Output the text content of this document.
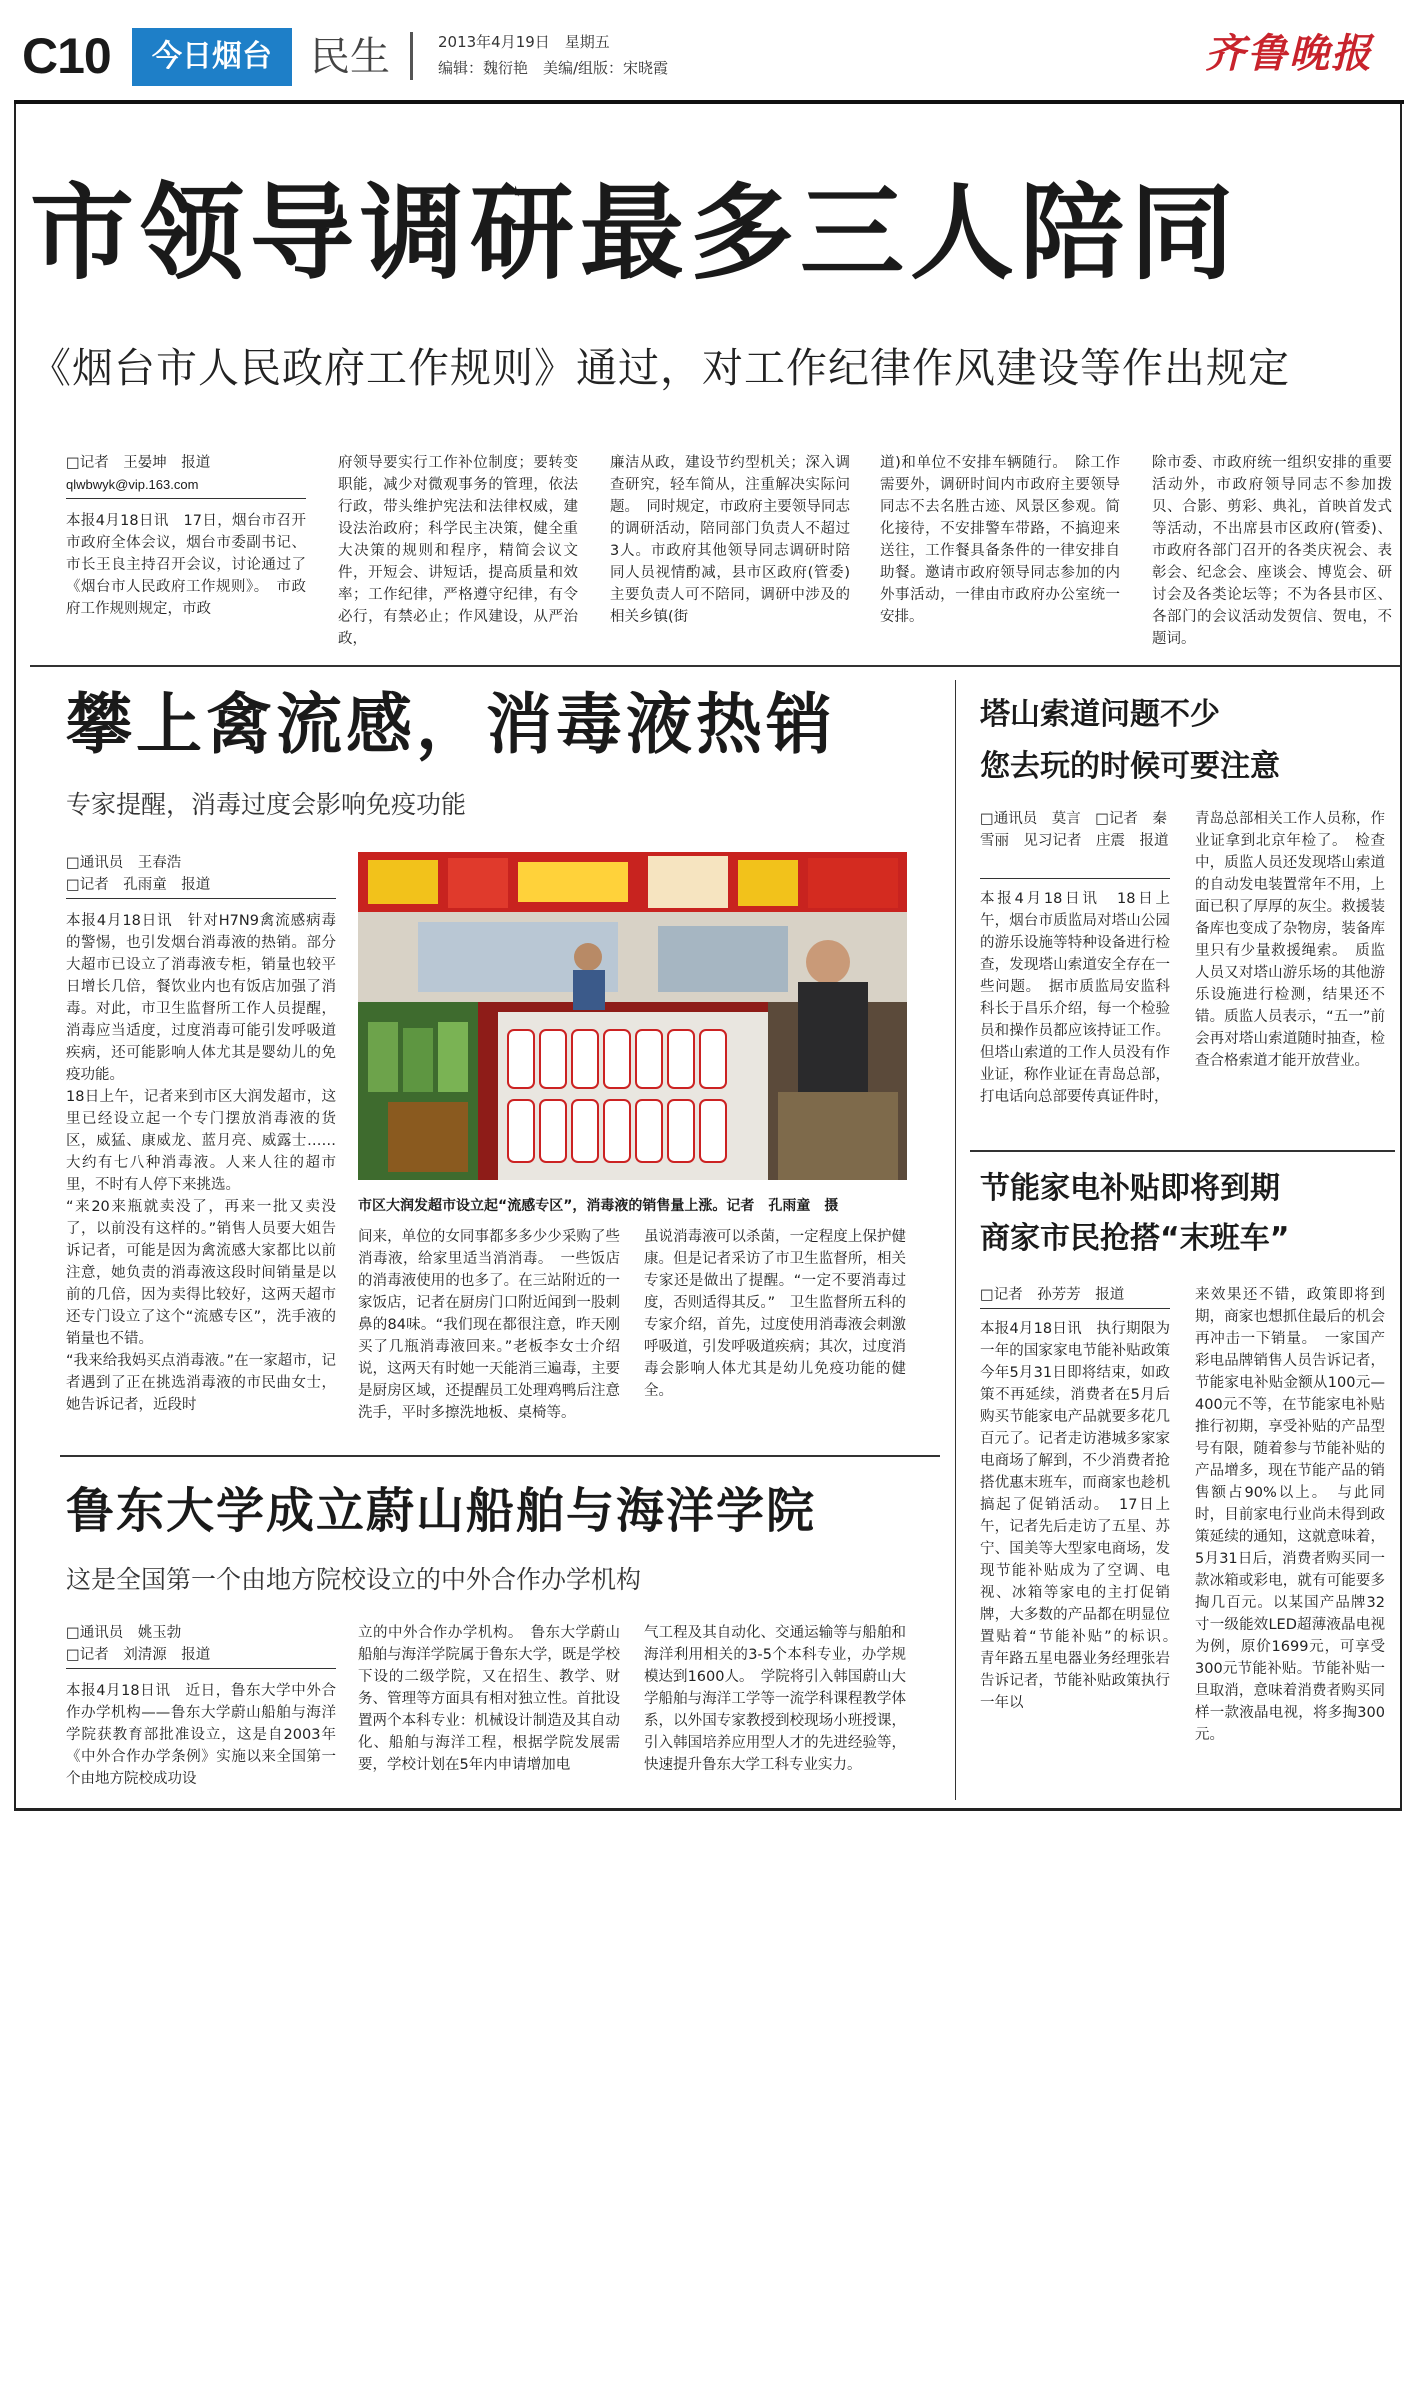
C10	今日烟台 民生	2013年4月19日　星期五
编辑：魏衍艳　美编/组版：宋晓霞	齐鲁晚报
市领导调研最多三人陪同
《烟台市人民政府工作规则》通过，对工作纪律作风建设等作出规定
□记者　王晏坤　报道
qlwbwyk@vip.163.com
本报4月18日讯　17日，烟台市召开市政府全体会议，烟台市委副书记、市长王良主持召开会议，讨论通过了《烟台市人民政府工作规则》。　市政府工作规则规定，市政
府领导要实行工作补位制度；要转变职能，减少对微观事务的管理，依法行政，带头维护宪法和法律权威，建设法治政府；科学民主决策，健全重大决策的规则和程序，精简会议文件，开短会、讲短话，提高质量和效率；工作纪律，严格遵守纪律，有令必行，有禁必止；作风建设，从严治政，
廉洁从政，建设节约型机关；深入调查研究，轻车简从，注重解决实际问题。　同时规定，市政府主要领导同志的调研活动，陪同部门负责人不超过3人。市政府其他领导同志调研时陪同人员视情酌减，县市区政府(管委)主要负责人可不陪同，调研中涉及的相关乡镇(街
道)和单位不安排车辆随行。　除工作需要外，调研时间内市政府主要领导同志不去名胜古迹、风景区参观。简化接待，不安排警车带路，不搞迎来送往，工作餐具备条件的一律安排自助餐。邀请市政府领导同志参加的内外事活动，一律由市政府办公室统一安排。
除市委、市政府统一组织安排的重要活动外，市政府领导同志不参加拨贝、合影、剪彩、典礼，首映首发式等活动，不出席县市区政府(管委)、市政府各部门召开的各类庆祝会、表彰会、纪念会、座谈会、博览会、研讨会及各类论坛等；不为各县市区、各部门的会议活动发贺信、贺电，不题词。
攀上禽流感，消毒液热销
专家提醒，消毒过度会影响免疫功能
□通讯员　王春浩
□记者　孔雨童　报道

本报4月18日讯　针对H7N9禽流感病毒的警惕，也引发烟台消毒液的热销。部分大超市已设立了消毒液专柜，销量也较平日增长几倍，餐饮业内也有饭店加强了消毒。对此，市卫生监督所工作人员提醒，消毒应当适度，过度消毒可能引发呼吸道疾病，还可能影响人体尤其是婴幼儿的免疫功能。

18日上午，记者来到市区大润发超市，这里已经设立起一个专门摆放消毒液的货区，威猛、康威龙、蓝月亮、威露士……大约有七八种消毒液。人来人往的超市里，不时有人停下来挑选。

“来20来瓶就卖没了，再来一批又卖没了，以前没有这样的。”销售人员要大姐告诉记者，可能是因为禽流感大家都比以前注意，她负责的消毒液这段时间销量是以前的几倍，因为卖得比较好，这两天超市还专门设立了这个“流感专区”，洗手液的销量也不错。

“我来给我妈买点消毒液。”在一家超市，记者遇到了正在挑选消毒液的市民曲女士，她告诉记者，近段时

市区大润发超市设立起“流感专区”，消毒液的销售量上涨。记者　孔雨童　摄
间来，单位的女同事都多多少少采购了些消毒液，给家里适当消消毒。　一些饭店的消毒液使用的也多了。在三站附近的一家饭店，记者在厨房门口附近闻到一股刺鼻的84味。“我们现在都很注意，昨天刚买了几瓶消毒液回来。”老板李女士介绍说，这两天有时她一天能消三遍毒，主要是厨房区域，还提醒员工处理鸡鸭后注意洗手，平时多擦洗地板、桌椅等。
虽说消毒液可以杀菌，一定程度上保护健康。但是记者采访了市卫生监督所，相关专家还是做出了提醒。“一定不要消毒过度，否则适得其反。”　卫生监督所五科的专家介绍，首先，过度使用消毒液会刺激呼吸道，引发呼吸道疾病；其次，过度消毒会影响人体尤其是幼儿免疫功能的健全。
鲁东大学成立蔚山船舶与海洋学院
这是全国第一个由地方院校设立的中外合作办学机构
□通讯员　姚玉勃
□记者　刘清源　报道
本报4月18日讯　近日，鲁东大学中外合作办学机构——鲁东大学蔚山船舶与海洋学院获教育部批准设立，这是自2003年《中外合作办学条例》实施以来全国第一个由地方院校成功设
立的中外合作办学机构。　鲁东大学蔚山船舶与海洋学院属于鲁东大学，既是学校下设的二级学院，又在招生、教学、财务、管理等方面具有相对独立性。首批设置两个本科专业：机械设计制造及其自动化、船舶与海洋工程，根据学院发展需要，学校计划在5年内申请增加电
气工程及其自动化、交通运输等与船舶和海洋利用相关的3-5个本科专业，办学规模达到1600人。　学院将引入韩国蔚山大学船舶与海洋工学等一流学科课程教学体系，以外国专家教授到校现场小班授课，引入韩国培养应用型人才的先进经验等，快速提升鲁东大学工科专业实力。
塔山索道问题不少
您去玩的时候可要注意
□通讯员　莫言　□记者　秦雪丽　见习记者　庄震　报道
本报4月18日讯　18日上午，烟台市质监局对塔山公园的游乐设施等特种设备进行检查，发现塔山索道安全存在一些问题。　据市质监局安监科科长于昌乐介绍，每一个检验员和操作员都应该持证工作。但塔山索道的工作人员没有作业证，称作业证在青岛总部，打电话向总部要传真证件时，
青岛总部相关工作人员称，作业证拿到北京年检了。　检查中，质监人员还发现塔山索道的自动发电装置常年不用，上面已积了厚厚的灰尘。救援装备库也变成了杂物房，装备库里只有少量救援绳索。　质监人员又对塔山游乐场的其他游乐设施进行检测，结果还不错。质监人员表示，“五一”前会再对塔山索道随时抽查，检查合格索道才能开放营业。
节能家电补贴即将到期
商家市民抢搭“末班车”
□记者　孙芳芳　报道
本报4月18日讯　执行期限为一年的国家家电节能补贴政策今年5月31日即将结束，如政策不再延续，消费者在5月后购买节能家电产品就要多花几百元了。记者走访港城多家家电商场了解到，不少消费者抢搭优惠末班车，而商家也趁机搞起了促销活动。　17日上午，记者先后走访了五星、苏宁、国美等大型家电商场，发现节能补贴成为了空调、电视、冰箱等家电的主打促销牌，大多数的产品都在明显位置贴着“节能补贴”的标识。　青年路五星电器业务经理张岩告诉记者，节能补贴政策执行一年以
来效果还不错，政策即将到期，商家也想抓住最后的机会再冲击一下销量。　一家国产彩电品牌销售人员告诉记者，节能家电补贴金额从100元—400元不等，在节能家电补贴推行初期，享受补贴的产品型号有限，随着参与节能补贴的产品增多，现在节能产品的销售额占90%以上。　与此同时，目前家电行业尚未得到政策延续的通知，这就意味着，5月31日后，消费者购买同一款冰箱或彩电，就有可能要多掏几百元。以某国产品牌32寸一级能效LED超薄液晶电视为例，原价1699元，可享受300元节能补贴。节能补贴一旦取消，意味着消费者购买同样一款液晶电视，将多掏300元。
